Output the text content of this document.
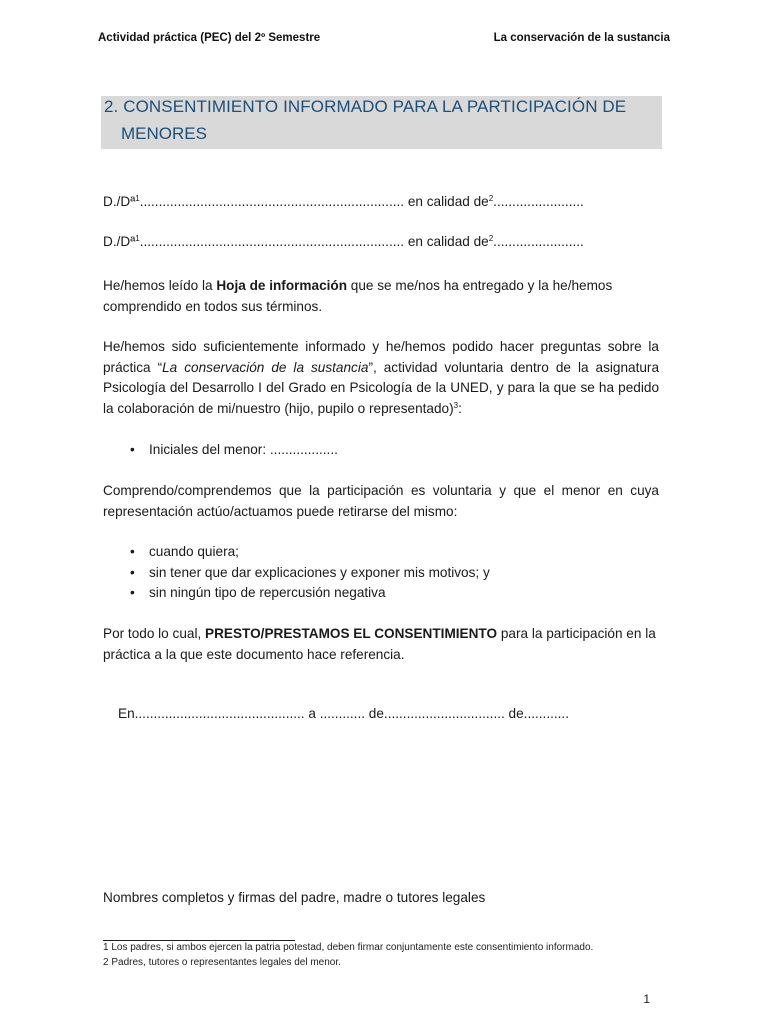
Actividad práctica (PEC) del 2º Semestre	La conservación de la sustancia
2. CONSENTIMIENTO INFORMADO PARA LA PARTICIPACIÓN DE
MENORES
D./Dª$^1$...................................................................... en calidad $de^2$........................
D./Dª$^1$...................................................................... en calidad $de^2$........................
He/hemos leído la Hoja de información que se me/nos ha entregado y la he/hemos comprendido en todos sus términos.
He/hemos sido suficientemente informado y he/hemos podido hacer preguntas sobre la práctica “La conservación de la sustancia”, actividad voluntaria dentro de la asignatura Psicología del Desarrollo I del Grado en Psicología de la UNED, y para la que se ha pedido la colaboración de mi/nuestro (hijo, pupilo o representado)$^3$:
• Iniciales del menor: ..................
Comprendo/comprendemos que la participación es voluntaria y que el menor en cuya representación actúo/actuamos puede retirarse del mismo:
• cuando quiera;
• sin tener que dar explicaciones y exponer mis motivos; y
• sin ningún tipo de repercusión negativa
Por todo lo cual, PRESTO/PRESTAMOS EL CONSENTIMIENTO para la participación en la práctica a la que este documento hace referencia.
En............................................. a ............ de................................ de............
Nombres completos y firmas del padre, madre o tutores legales
1 Los padres, si ambos ejercen la patria potestad, deben firmar conjuntamente este consentimiento informado.
2 Padres, tutores o representantes legales del menor.
1
